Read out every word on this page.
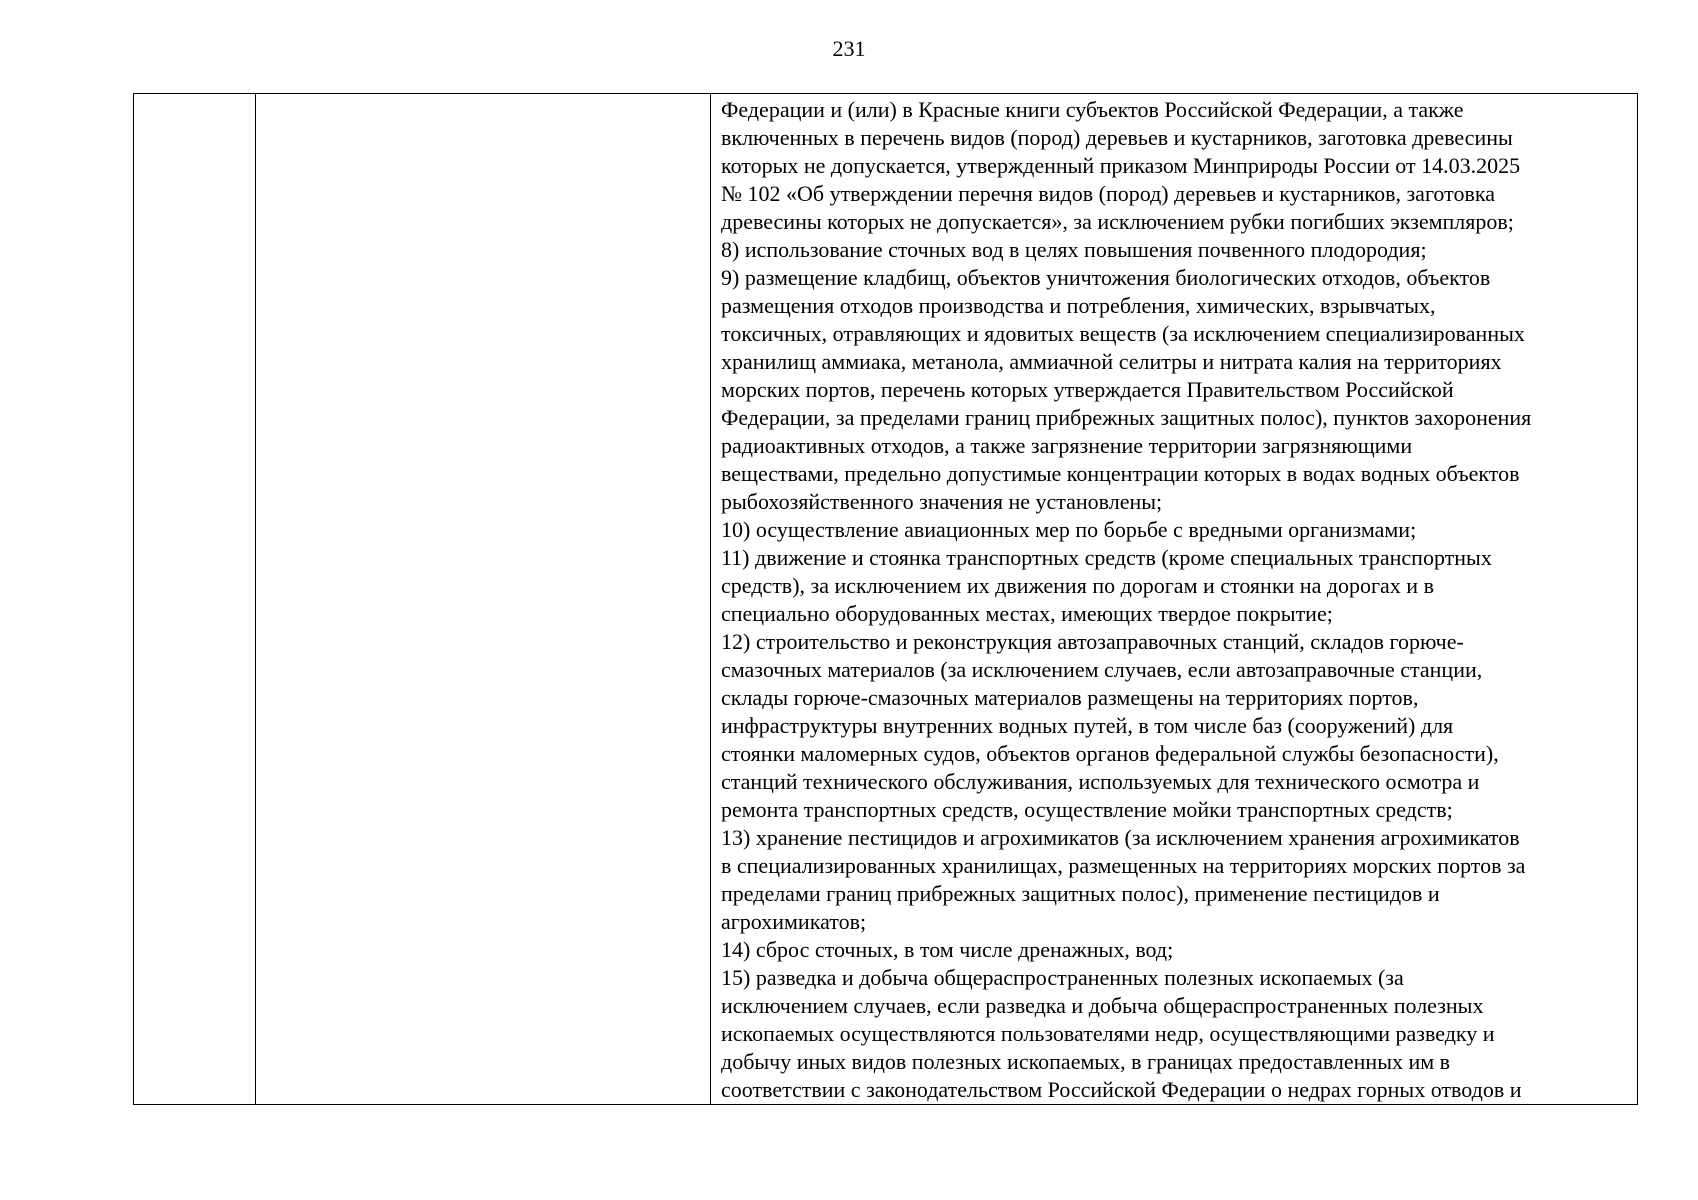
231

Федерации и (или) в Красные книги субъектов Российской Федерации, а также
включенных в перечень видов (пород) деревьев и кустарников, заготовка древесины
которых не допускается, утвержденный приказом Минприроды России от 14.03.2025
№ 102 «Об утверждении перечня видов (пород) деревьев и кустарников, заготовка
древесины которых не допускается», за исключением рубки погибших экземпляров;
8) использование сточных вод в целях повышения почвенного плодородия;
9) размещение кладбищ, объектов уничтожения биологических отходов, объектов
размещения отходов производства и потребления, химических, взрывчатых,
токсичных, отравляющих и ядовитых веществ (за исключением специализированных
хранилищ аммиака, метанола, аммиачной селитры и нитрата калия на территориях
морских портов, перечень которых утверждается Правительством Российской
Федерации, за пределами границ прибрежных защитных полос), пунктов захоронения
радиоактивных отходов, а также загрязнение территории загрязняющими
веществами, предельно допустимые концентрации которых в водах водных объектов
рыбохозяйственного значения не установлены;
10) осуществление авиационных мер по борьбе с вредными организмами;
11) движение и стоянка транспортных средств (кроме специальных транспортных
средств), за исключением их движения по дорогам и стоянки на дорогах и в
специально оборудованных местах, имеющих твердое покрытие;
12) строительство и реконструкция автозаправочных станций, складов горюче-
смазочных материалов (за исключением случаев, если автозаправочные станции,
склады горюче-смазочных материалов размещены на территориях портов,
инфраструктуры внутренних водных путей, в том числе баз (сооружений) для
стоянки маломерных судов, объектов органов федеральной службы безопасности),
станций технического обслуживания, используемых для технического осмотра и
ремонта транспортных средств, осуществление мойки транспортных средств;
13) хранение пестицидов и агрохимикатов (за исключением хранения агрохимикатов
в специализированных хранилищах, размещенных на территориях морских портов за
пределами границ прибрежных защитных полос), применение пестицидов и
агрохимикатов;
14) сброс сточных, в том числе дренажных, вод;
15) разведка и добыча общераспространенных полезных ископаемых (за
исключением случаев, если разведка и добыча общераспространенных полезных
ископаемых осуществляются пользователями недр, осуществляющими разведку и
добычу иных видов полезных ископаемых, в границах предоставленных им в
соответствии с законодательством Российской Федерации о недрах горных отводов и
